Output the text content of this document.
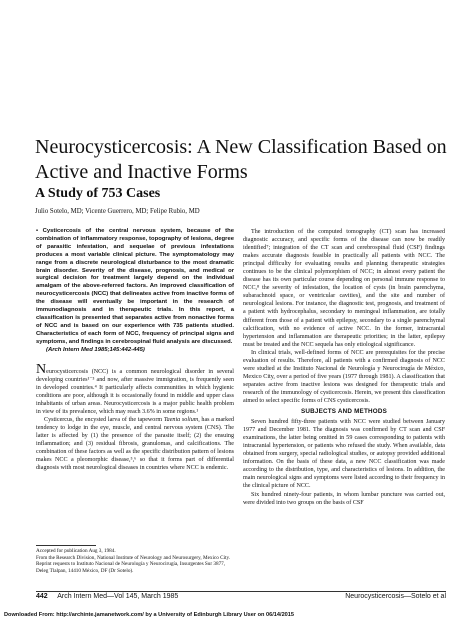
Neurocysticercosis: A New Classification Based on Active and Inactive Forms
A Study of 753 Cases
Julio Sotelo, MD; Vicente Guerrero, MD; Felipe Rubio, MD
• Cysticercosis of the central nervous system, because of the combination of inflammatory response, topography of lesions, degree of parasitic infestation, and sequelae of previous infestations produces a most variable clinical picture. The symptomatology may range from a discrete neurological disturbance to the most dramatic brain disorder. Severity of the disease, prognosis, and medical or surgical decision for treatment largely depend on the individual amalgam of the above-referred factors. An improved classification of neurocysticercosis (NCC) that delineates active from inactive forms of the disease will eventually be important in the research of immunodiagnosis and in therapeutic trials. In this report, a classification is presented that separates active from nonactive forms of NCC and is based on our experience with 735 patients studied. Characteristics of each form of NCC, frequency of principal signs and symptoms, and findings in cerebrospinal fluid analysis are discussed.
(Arch Intern Med 1985;145:442-445)

Neurocysticercosis (NCC) is a common neurological disorder in several developing countries¹⁻³ and now, after massive immigration, is frequently seen in developed countries.⁴ It particularly affects communities in which hygienic conditions are poor, although it is occasionally found in middle and upper class inhabitants of urban areas. Neurocysticercosis is a major public health problem in view of its prevalence, which may reach 3.6% in some regions.¹

Cysticercus, the encysted larva of the tapeworm Taenia solium, has a marked tendency to lodge in the eye, muscle, and central nervous system (CNS). The latter is affected by (1) the presence of the parasite itself; (2) the ensuing inflammation; and (3) residual fibrosis, granulomas, and calcifications. The combination of these factors as well as the specific distribution pattern of lesions makes NCC a pleomorphic disease,⁵,⁶ so that it forms part of differential diagnosis with most neurological diseases in countries where NCC is endemic.

The introduction of the computed tomography (CT) scan has increased diagnostic accuracy, and specific forms of the disease can now be readily identified⁷; integration of the CT scan and cerebrospinal fluid (CSF) findings makes accurate diagnosis feasible in practically all patients with NCC. The principal difficulty for evaluating results and planning therapeutic strategies continues to be the clinical polymorphism of NCC; in almost every patient the disease has its own particular course depending on personal immune response to NCC,⁸ the severity of infestation, the location of cysts (in brain parenchyma, subarachnoid space, or ventricular cavities), and the site and number of neurological lesions. For instance, the diagnostic test, prognosis, and treatment of a patient with hydrocephalus, secondary to meningeal inflammation, are totally different from those of a patient with epilepsy, secondary to a single parenchymal calcification, with no evidence of active NCC. In the former, intracranial hypertension and inflammation are therapeutic priorities; in the latter, epilepsy must be treated and the NCC sequela has only etiological significance.

In clinical trials, well-defined forms of NCC are prerequisites for the precise evaluation of results. Therefore, all patients with a confirmed diagnosis of NCC were studied at the Instituto Nacional de Neurología y Neurocirugía de México, Mexico City, over a period of five years (1977 through 1981). A classification that separates active from inactive lesions was designed for therapeutic trials and research of the immunology of cysticercosis. Herein, we present this classification aimed to select specific forms of CNS cysticercosis.

SUBJECTS AND METHODS

Seven hundred fifty-three patients with NCC were studied between January 1977 and December 1981. The diagnosis was confirmed by CT scan and CSF examinations, the latter being omitted in 59 cases corresponding to patients with intracranial hypertension, or patients who refused the study. When available, data obtained from surgery, special radiological studies, or autopsy provided additional information. On the basis of these data, a new NCC classification was made according to the distribution, type, and characteristics of lesions. In addition, the main neurological signs and symptoms were listed according to their frequency in the clinical picture of NCC.

Six hundred ninety-four patients, in whom lumbar puncture was carried out, were divided into two groups on the basis of CSF

Accepted for publication Aug 3, 1984.
From the Research Division, National Institute of Neurology and Neurosurgery, Mexico City.
Reprint requests to Instituto Nacional de Neurología y Neurocirugía, Insurgentes Sur 3877, Deleg Tlalpan, 14410 México, DF (Dr Sotelo).
442 Arch Intern Med—Vol 145, March 1985	Neurocysticercosis—Sotelo et al
Downloaded From: http://archinte.jamanetwork.com/ by a University of Edinburgh Library User on 06/14/2015
